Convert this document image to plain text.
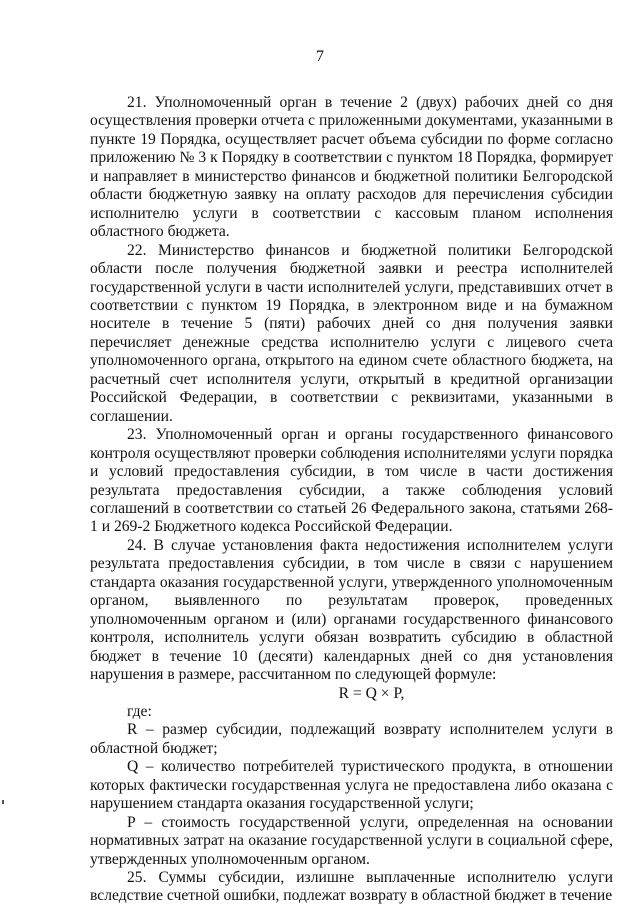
7

21. Уполномоченный орган в течение 2 (двух) рабочих дней со дня осуществления проверки отчета с приложенными документами, указанными в пункте 19 Порядка, осуществляет расчет объема субсидии по форме согласно приложению № 3 к Порядку в соответствии с пунктом 18 Порядка, формирует и направляет в министерство финансов и бюджетной политики Белгородской области бюджетную заявку на оплату расходов для перечисления субсидии исполнителю услуги в соответствии с кассовым планом исполнения областного бюджета.

22. Министерство финансов и бюджетной политики Белгородской области после получения бюджетной заявки и реестра исполнителей государственной услуги в части исполнителей услуги, представивших отчет в соответствии с пунктом 19 Порядка, в электронном виде и на бумажном носителе в течение 5 (пяти) рабочих дней со дня получения заявки перечисляет денежные средства исполнителю услуги с лицевого счета уполномоченного органа, открытого на едином счете областного бюджета, на расчетный счет исполнителя услуги, открытый в кредитной организации Российской Федерации, в соответствии с реквизитами, указанными в соглашении.

23. Уполномоченный орган и органы государственного финансового контроля осуществляют проверки соблюдения исполнителями услуги порядка и условий предоставления субсидии, в том числе в части достижения результата предоставления субсидии, а также соблюдения условий соглашений в соответствии со статьей 26 Федерального закона, статьями 268-1 и 269-2 Бюджетного кодекса Российской Федерации.

24. В случае установления факта недостижения исполнителем услуги результата предоставления субсидии, в том числе в связи с нарушением стандарта оказания государственной услуги, утвержденного уполномоченным органом, выявленного по результатам проверок, проведенных уполномоченным органом и (или) органами государственного финансового контроля, исполнитель услуги обязан возвратить субсидию в областной бюджет в течение 10 (десяти) календарных дней со дня установления нарушения в размере, рассчитанном по следующей формуле:

R = Q × P,

где:

R – размер субсидии, подлежащий возврату исполнителем услуги в областной бюджет;

Q – количество потребителей туристического продукта, в отношении которых фактически государственная услуга не предоставлена либо оказана с нарушением стандарта оказания государственной услуги;

P – стоимость государственной услуги, определенная на основании нормативных затрат на оказание государственной услуги в социальной сфере, утвержденных уполномоченным органом.

25. Суммы субсидии, излишне выплаченные исполнителю услуги вследствие счетной ошибки, подлежат возврату в областной бюджет в течение
